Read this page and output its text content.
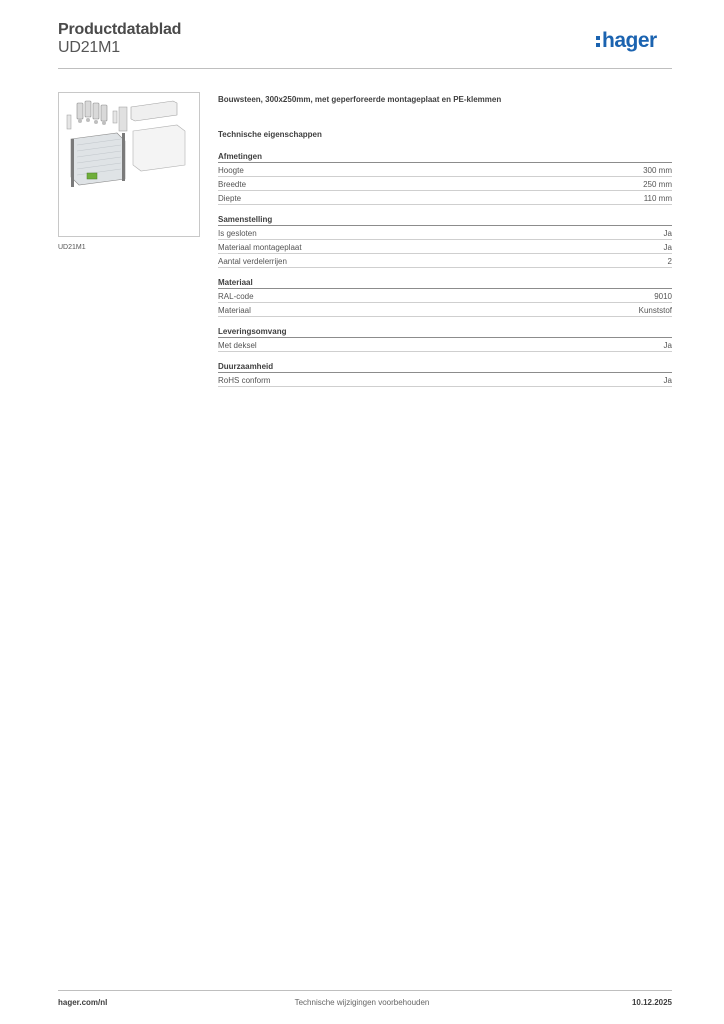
Productdatablad
UD21M1	hager
UD21M1
Bouwsteen, 300x250mm, met geperforeerde montageplaat en PE-klemmen
Technische eigenschappen
Afmetingen
Hoogte	300 mm
Breedte	250 mm
Diepte	110 mm
Samenstelling
Is gesloten	Ja
Materiaal montageplaat	Ja
Aantal verdelerrijen	2
Materiaal
RAL-code	9010
Materiaal	Kunststof
Leveringsomvang
Met deksel	Ja
Duurzaamheid
RoHS conform	Ja
hager.com/nl	Technische wijzigingen voorbehouden	10.12.2025
